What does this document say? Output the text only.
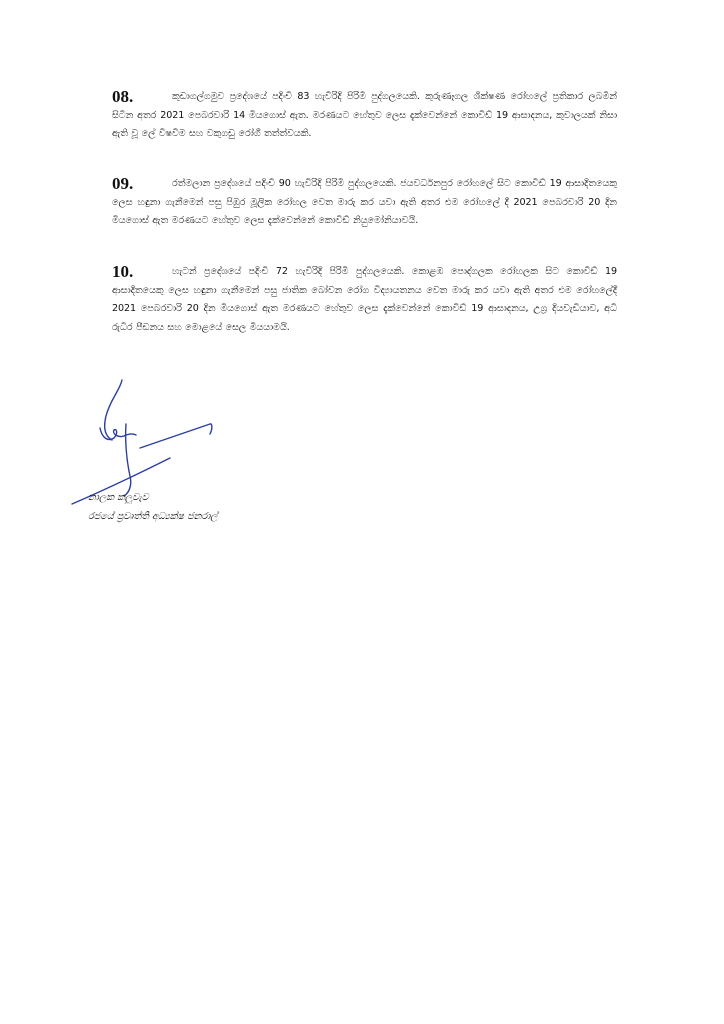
08.	කුඩාගල්ගමුව ප්‍රදේශයේ පදිංචි 83 හැවිරිදි පිරිමි පුද්ගලයෙකි. කුරුණෑගල ශික්ෂණ රෝහලේ ප්‍රතිකාර ලබමින් සිටින අතර 2021 පෙබරවාරි 14 මියගොස් ඇත. මරණයට හේතුව ලෙස දැක්වෙන්නේ කොවිඩ් 19 ආසාදනය, කුවාලයක් නිසා ඇති වූ ලේ විෂවීම සහ වකුගඩු රෝගී තත්ත්වයකි.
09.	රත්මලාන ප්‍රදේශයේ පදිංචි 90 හැවිරිදි පිරිමි පුද්ගලයෙකි. ජයවර්ධනපුර රෝහලේ සිට කොවිඩ් 19 ආසාදිතයෙකු ලෙස හඳුනා ගැනීමෙන් පසු පිඹුර මූලික රෝහල වෙත මාරු කර යවා ඇති අතර එම රෝහලේ දී 2021 පෙබරවාරි 20 දින මියගොස් ඇත මරණයට හේතුව ලෙස දැක්වෙන්නේ කොවිඩ් නියුමෝනියාවයි.
10.	හැටන් ප්‍රදේශයේ පදිංචි 72 හැවිරිදි පිරිමි පුද්ගලයෙකි. කොළඹ පොද්ගලක රෝහලක සිට කොවිඩ් 19 ආසාදිතයෙකු ලෙස හඳුනා ගැනීමෙන් පසු ජාතික බෝවන රෝග විද්‍යායතනය වෙත මාරු කර යවා ඇති අතර එම රෝහලේදී 2021 පෙබරවාරි 20 දින මියගොස් ඇත මරණයට හේතුව ලෙස දැක්වෙන්නේ කොවිඩ් 19 ආසාදනය, උග්‍ර දියවැඩියාව, අධි රුධිර පීඩනය සහ මොළයේ සෙල මියයාමයි.
නාලක කලුවැව
රජයේ ප්‍රවෘත්ති අධ්‍යක්ෂ ජනරාල්
